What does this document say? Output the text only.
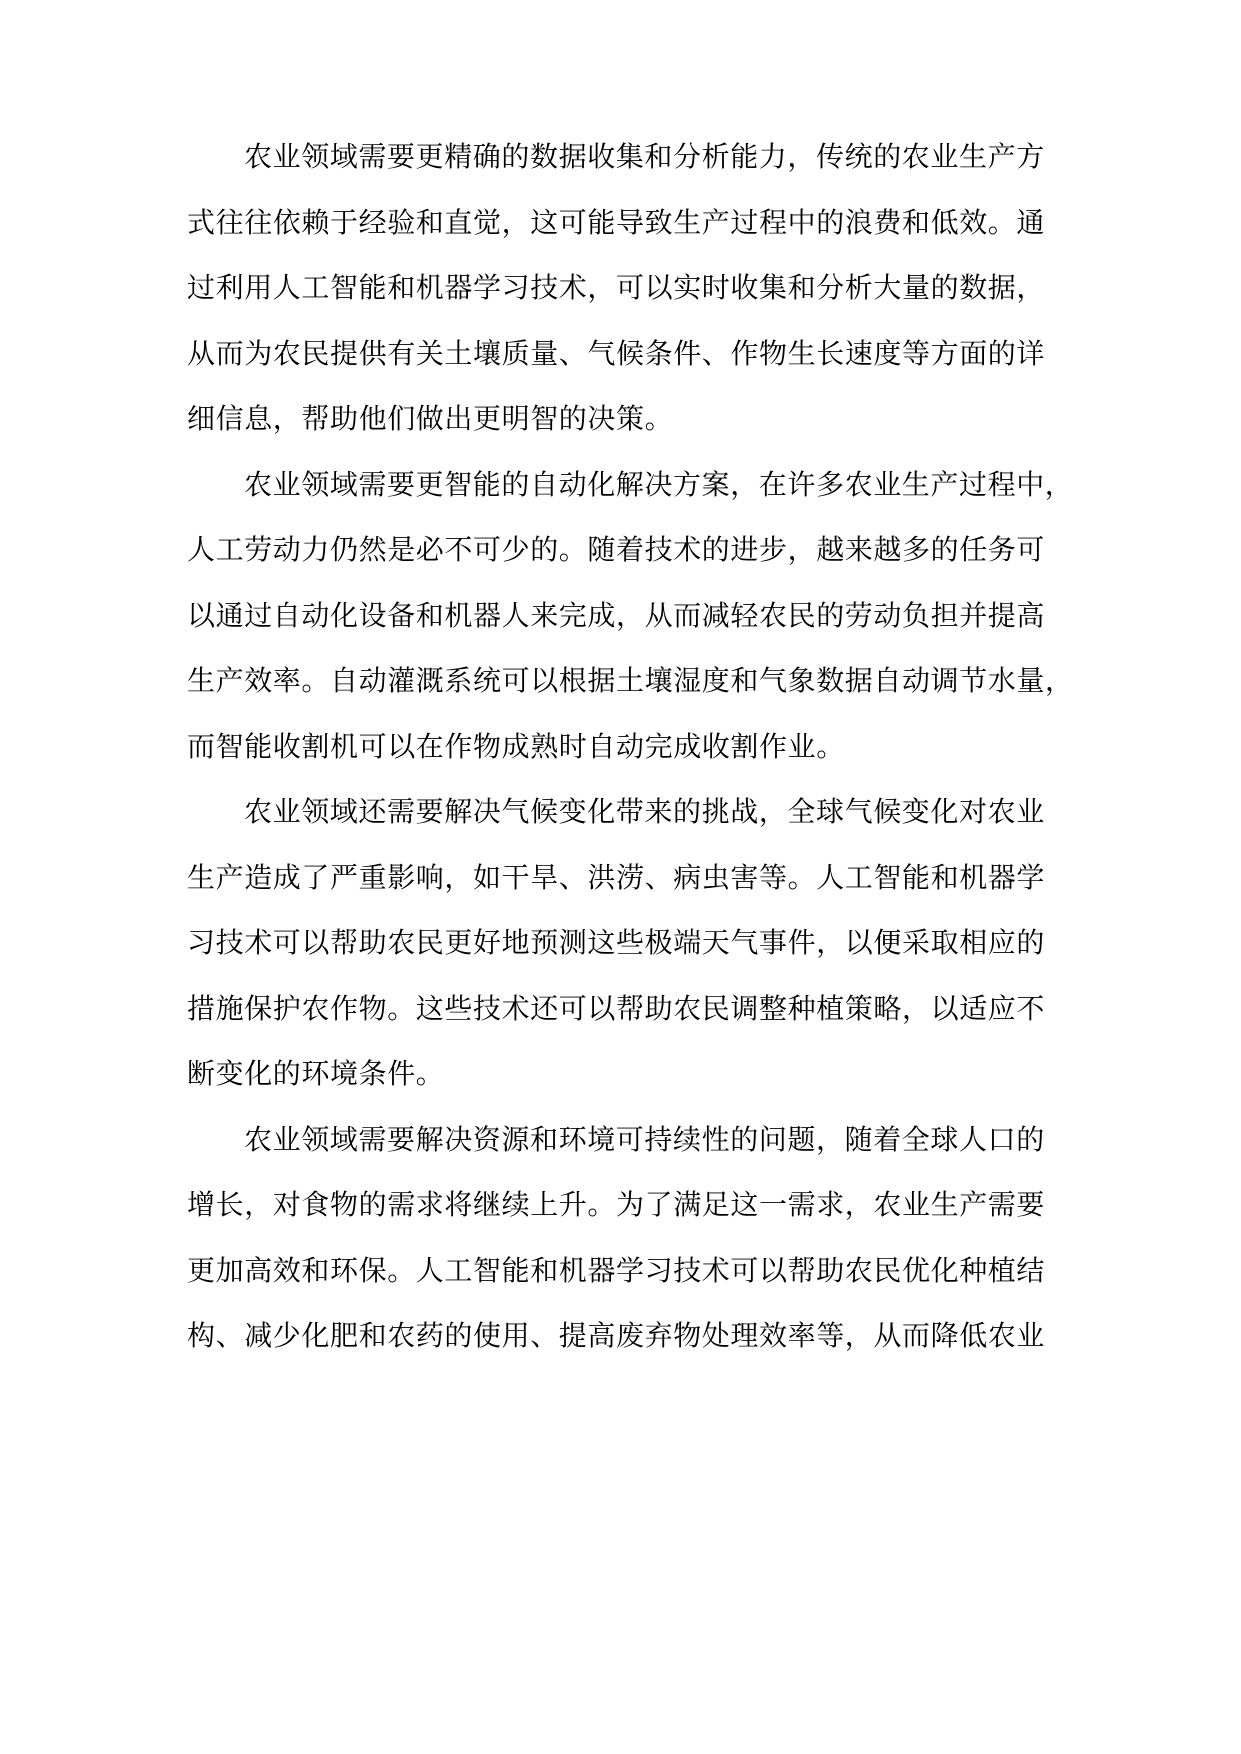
农业领域需要更精确的数据收集和分析能力，传统的农业生产方
式往往依赖于经验和直觉，这可能导致生产过程中的浪费和低效。通
过利用人工智能和机器学习技术，可以实时收集和分析大量的数据，
从而为农民提供有关土壤质量、气候条件、作物生长速度等方面的详
细信息，帮助他们做出更明智的决策。
农业领域需要更智能的自动化解决方案，在许多农业生产过程中，
人工劳动力仍然是必不可少的。随着技术的进步，越来越多的任务可
以通过自动化设备和机器人来完成，从而减轻农民的劳动负担并提高
生产效率。自动灌溉系统可以根据土壤湿度和气象数据自动调节水量，
而智能收割机可以在作物成熟时自动完成收割作业。
农业领域还需要解决气候变化带来的挑战，全球气候变化对农业
生产造成了严重影响，如干旱、洪涝、病虫害等。人工智能和机器学
习技术可以帮助农民更好地预测这些极端天气事件，以便采取相应的
措施保护农作物。这些技术还可以帮助农民调整种植策略，以适应不
断变化的环境条件。
农业领域需要解决资源和环境可持续性的问题，随着全球人口的
增长，对食物的需求将继续上升。为了满足这一需求，农业生产需要
更加高效和环保。人工智能和机器学习技术可以帮助农民优化种植结
构、减少化肥和农药的使用、提高废弃物处理效率等，从而降低农业
